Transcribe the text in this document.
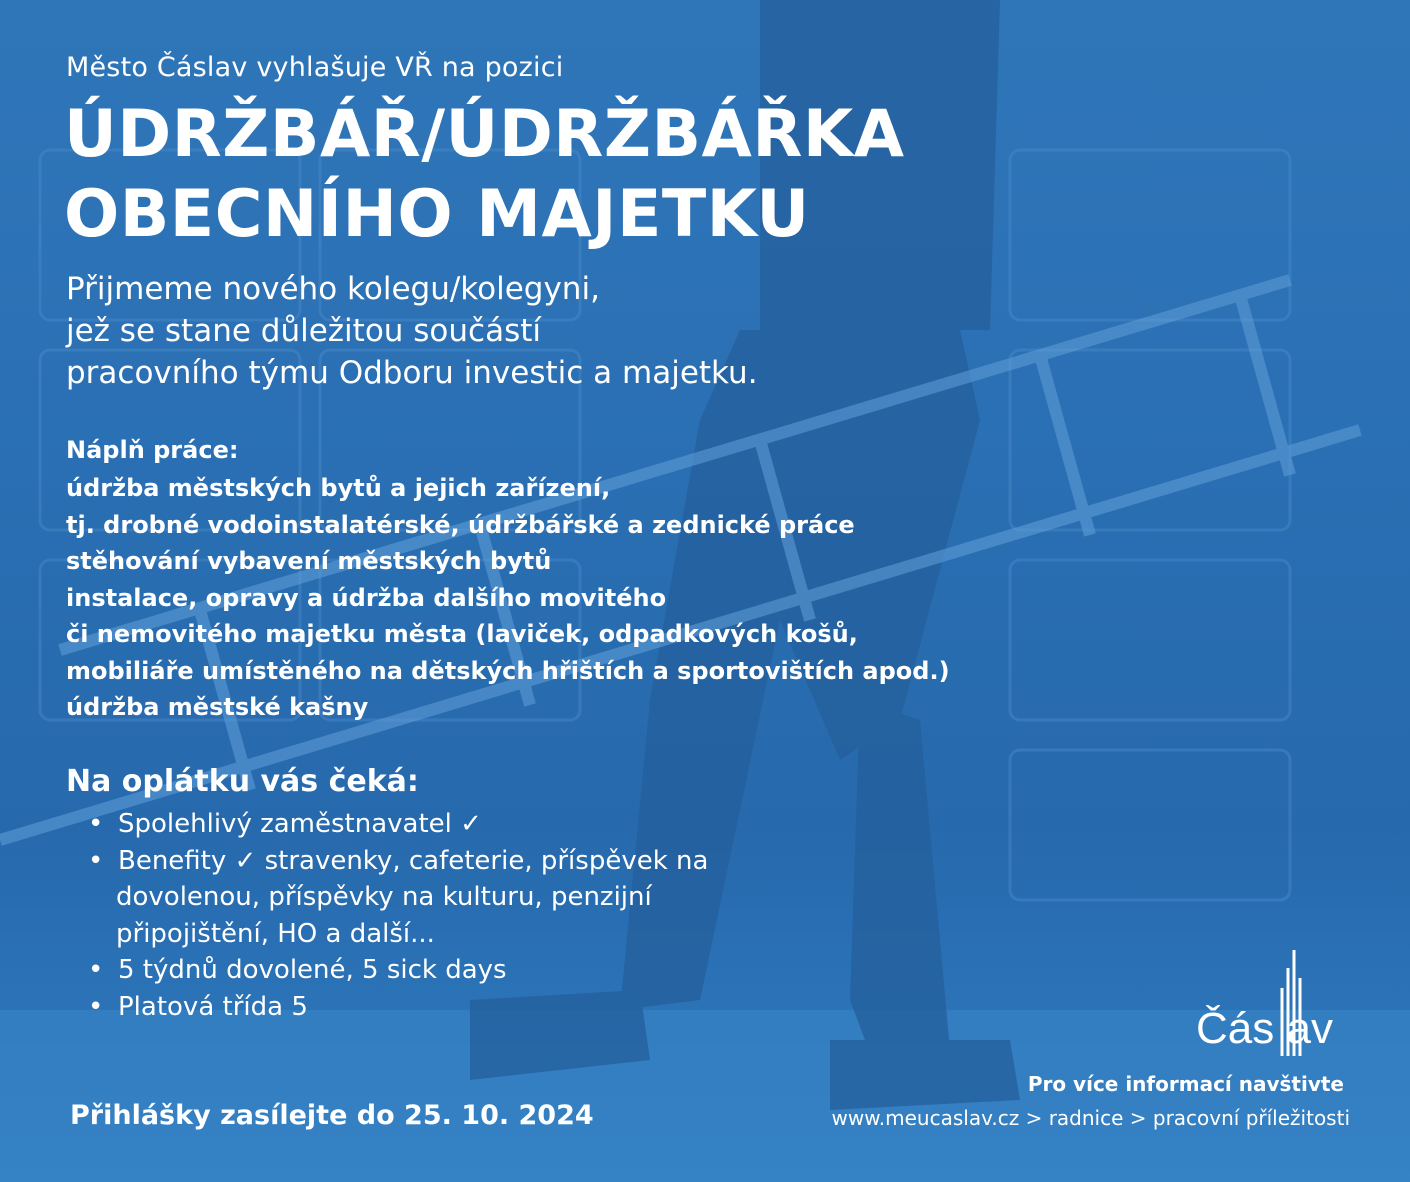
Město Čáslav vyhlašuje VŘ na pozici
ÚDRŽBÁŘ/ÚDRŽBÁŘKA
OBECNÍHO MAJETKU
Přijmeme nového kolegu/kolegyni,
jež se stane důležitou součástí
pracovního týmu Odboru investic a majetku.
Náplň práce:
údržba městských bytů a jejich zařízení,
tj. drobné vodoinstalatérské, údržbářské a zednické práce
stěhování vybavení městských bytů
instalace, opravy a údržba dalšího movitého
či nemovitého majetku města (laviček, odpadkových košů,
mobiliáře umístěného na dětských hřištích a sportovištích apod.)
údržba městské kašny
Na oplátku vás čeká:
• Spolehlivý zaměstnavatel ✓
• Benefity ✓ stravenky, cafeterie, příspěvek na
dovolenou, příspěvky na kulturu, penzijní
připojištění, HO a další...
• 5 týdnů dovolené, 5 sick days
• Platová třída 5	Čás av
Přihlášky zasílejte do 25. 10. 2024
Pro více informací navštivte
www.meucaslav.cz > radnice > pracovní příležitosti
